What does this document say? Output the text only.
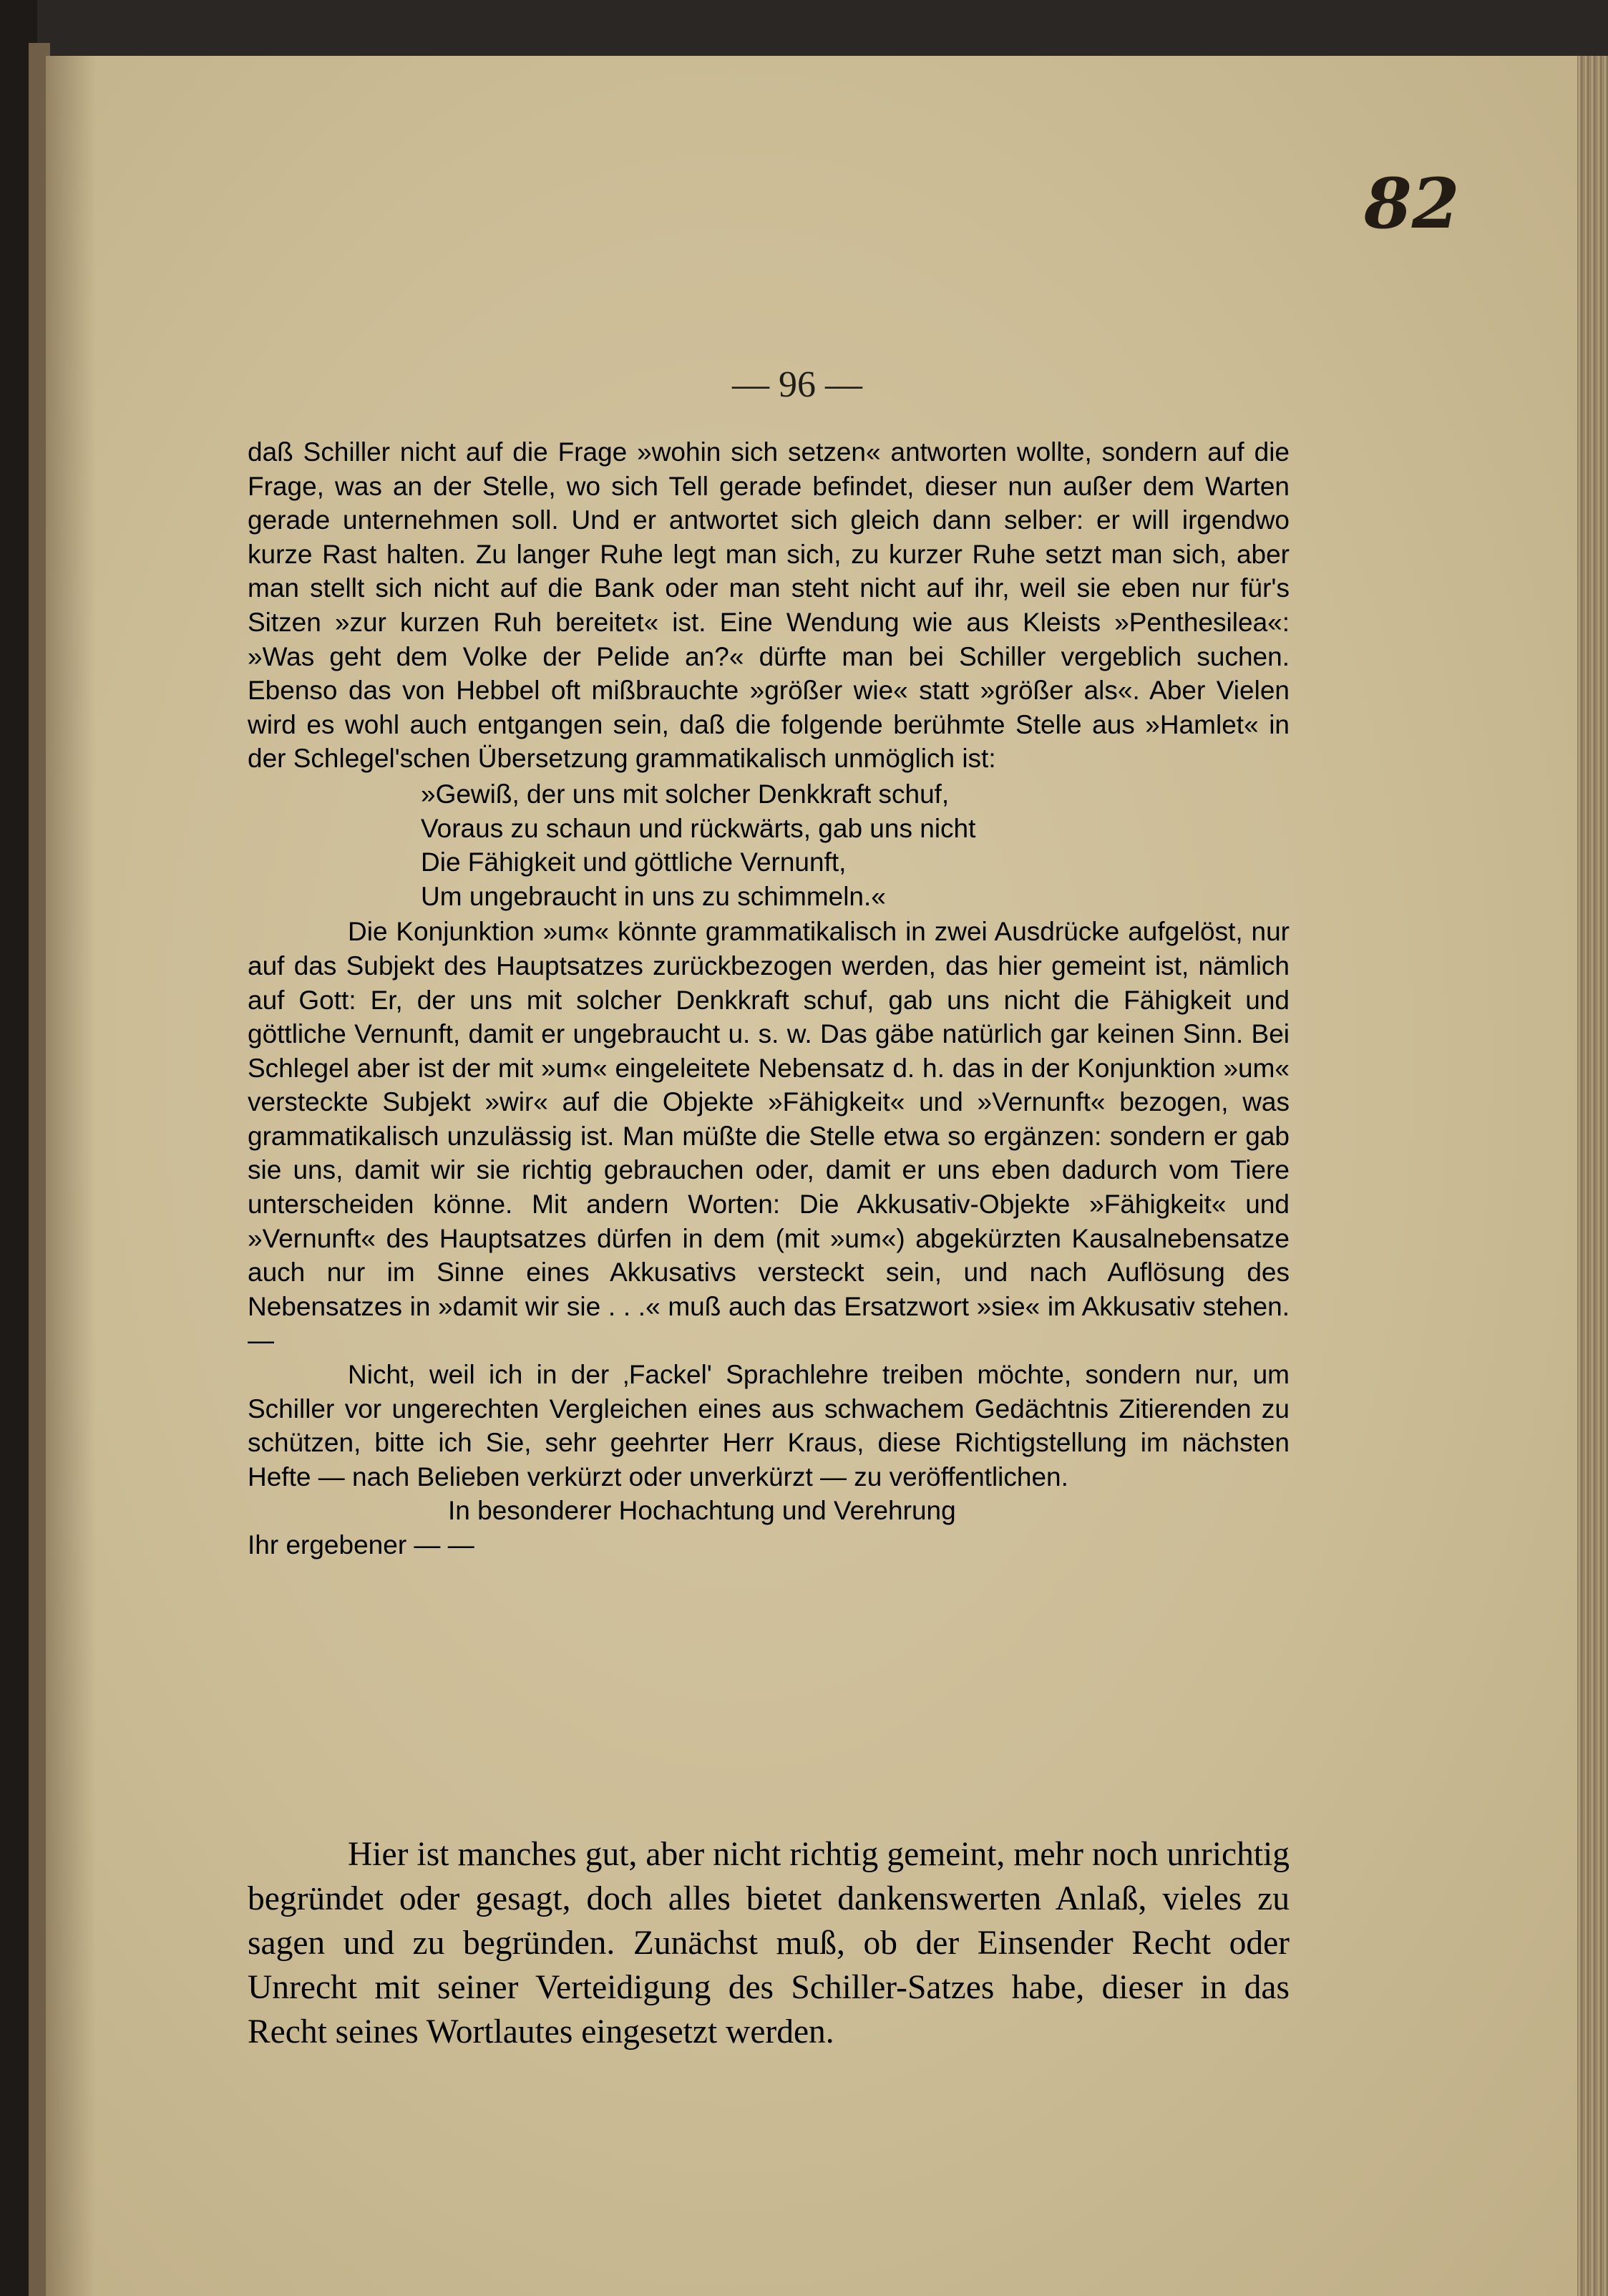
82
— 96 —

daß Schiller nicht auf die Frage »wohin sich setzen« antworten wollte, sondern auf die Frage, was an der Stelle, wo sich Tell gerade befindet, dieser nun außer dem Warten gerade unternehmen soll. Und er antwortet sich gleich dann selber: er will irgendwo kurze Rast halten. Zu langer Ruhe legt man sich, zu kurzer Ruhe setzt man sich, aber man stellt sich nicht auf die Bank oder man steht nicht auf ihr, weil sie eben nur für's Sitzen »zur kurzen Ruh bereitet« ist. Eine Wendung wie aus Kleists »Penthesilea«: »Was geht dem Volke der Pelide an?« dürfte man bei Schiller vergeblich suchen. Ebenso das von Hebbel oft mißbrauchte »größer wie« statt »größer als«. Aber Vielen wird es wohl auch entgangen sein, daß die folgende berühmte Stelle aus »Hamlet« in der Schlegel'schen Übersetzung grammatikalisch unmöglich ist:

»Gewiß, der uns mit solcher Denkkraft schuf,
Voraus zu schaun und rückwärts, gab uns nicht
Die Fähigkeit und göttliche Vernunft,
Um ungebraucht in uns zu schimmeln.«

Die Konjunktion »um« könnte grammatikalisch in zwei Ausdrücke aufgelöst, nur auf das Subjekt des Hauptsatzes zurückbezogen werden, das hier gemeint ist, nämlich auf Gott: Er, der uns mit solcher Denkkraft schuf, gab uns nicht die Fähigkeit und göttliche Vernunft, damit er ungebraucht u. s. w. Das gäbe natürlich gar keinen Sinn. Bei Schlegel aber ist der mit »um« eingeleitete Nebensatz d. h. das in der Konjunktion »um« versteckte Subjekt »wir« auf die Objekte »Fähigkeit« und »Vernunft« bezogen, was grammatikalisch unzulässig ist. Man müßte die Stelle etwa so ergänzen: sondern er gab sie uns, damit wir sie richtig gebrauchen oder, damit er uns eben dadurch vom Tiere unterscheiden könne. Mit andern Worten: Die Akkusativ-Objekte »Fähigkeit« und »Vernunft« des Hauptsatzes dürfen in dem (mit »um«) abgekürzten Kausalnebensatze auch nur im Sinne eines Akkusativs versteckt sein, und nach Auflösung des Nebensatzes in »damit wir sie . . .« muß auch das Ersatzwort »sie« im Akkusativ stehen. —

Nicht, weil ich in der ‚Fackel' Sprachlehre treiben möchte, sondern nur, um Schiller vor ungerechten Vergleichen eines aus schwachem Gedächtnis Zitierenden zu schützen, bitte ich Sie, sehr geehrter Herr Kraus, diese Richtigstellung im nächsten Hefte — nach Belieben verkürzt oder unverkürzt — zu veröffentlichen.

In besonderer Hochachtung und Verehrung

Ihr ergebener — —

Hier ist manches gut, aber nicht richtig gemeint, mehr noch unrichtig begründet oder gesagt, doch alles bietet dankenswerten Anlaß, vieles zu sagen und zu begründen. Zunächst muß, ob der Einsender Recht oder Unrecht mit seiner Verteidigung des Schiller-Satzes habe, dieser in das Recht seines Wortlautes eingesetzt werden.
